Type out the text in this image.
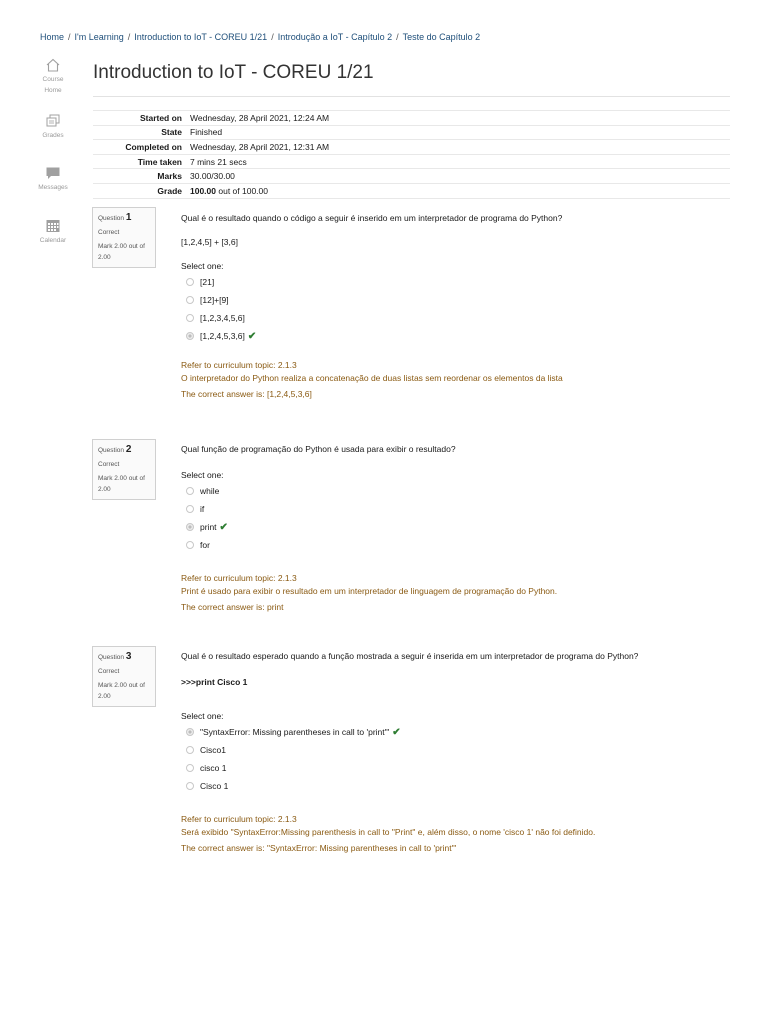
Home / I'm Learning / Introduction to IoT - COREU 1/21 / Introdução a IoT - Capítulo 2 / Teste do Capítulo 2
Course
Home
Grades
Messages
Calendar
Introduction to IoT - COREU 1/21
Started on	Wednesday, 28 April 2021, 12:24 AM
State	Finished
Completed on	Wednesday, 28 April 2021, 12:31 AM
Time taken	7 mins 21 secs
Marks	30.00/30.00
Grade	100.00 out of 100.00
Question 1
Correct
Mark 2.00 out of 2.00

Qual é o resultado quando o código a seguir é inserido em um interpretador de programa do Python?

[1,2,4,5] + [3,6]
Select one:
[21]
[12]+[9]
[1,2,3,4,5,6]
[1,2,4,5,3,6] ✔
Refer to curriculum topic: 2.1.3
O interpretador do Python realiza a concatenação de duas listas sem reordenar os elementos da lista
The correct answer is: [1,2,4,5,3,6]
Question 2
Correct
Mark 2.00 out of 2.00

Qual função de programação do Python é usada para exibir o resultado?

Select one:
while
if
print ✔
for
Refer to curriculum topic: 2.1.3
Print é usado para exibir o resultado em um interpretador de linguagem de programação do Python.
The correct answer is: print
Question 3
Correct
Mark 2.00 out of 2.00

Qual é o resultado esperado quando a função mostrada a seguir é inserida em um interpretador de programa do Python?

>>>print Cisco 1
Select one:
"SyntaxError: Missing parentheses in call to 'print'" ✔
Cisco1
cisco 1
Cisco 1
Refer to curriculum topic: 2.1.3
Será exibido "SyntaxError:Missing parenthesis in call to "Print" e, além disso, o nome 'cisco 1' não foi definido.
The correct answer is: "SyntaxError: Missing parentheses in call to 'print'"
